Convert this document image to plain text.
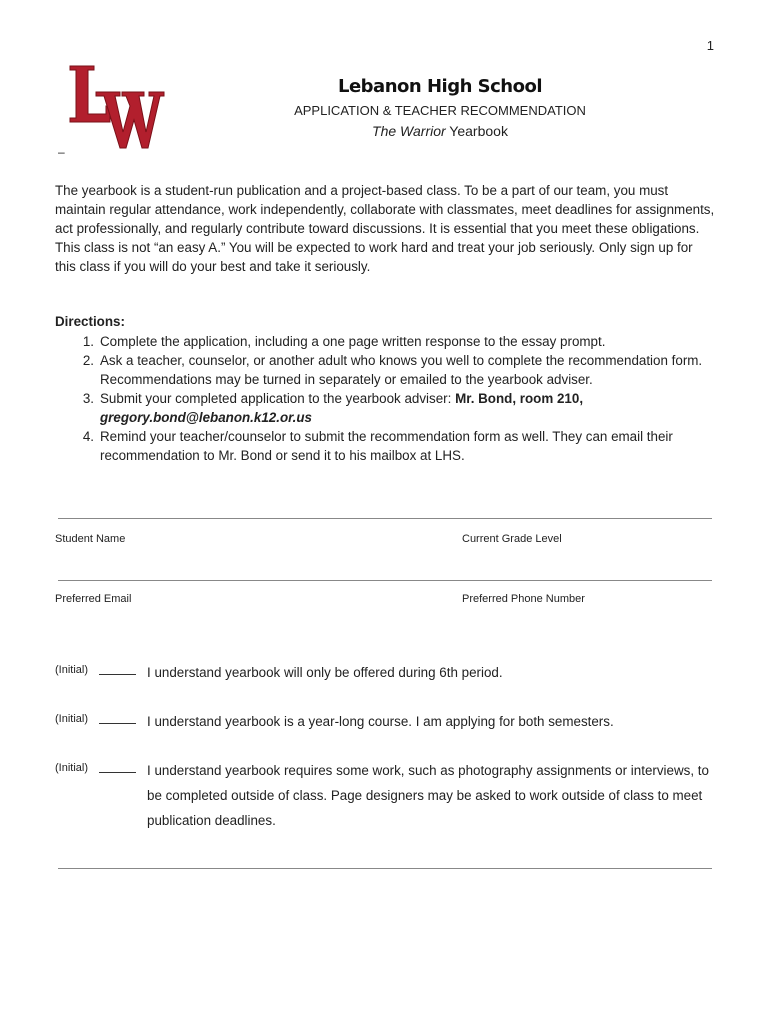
1
LW
Lebanon High School
APPLICATION & TEACHER RECOMMENDATION
The Warrior Yearbook
–
The yearbook is a student-run publication and a project-based class. To be a part of our team, you must maintain regular attendance, work independently, collaborate with classmates, meet deadlines for assignments, act professionally, and regularly contribute toward discussions. It is essential that you meet these obligations. This class is not “an easy A.” You will be expected to work hard and treat your job seriously. Only sign up for this class if you will do your best and take it seriously.
Directions:
1. Complete the application, including a one page written response to the essay prompt.
2. Ask a teacher, counselor, or another adult who knows you well to complete the recommendation form. Recommendations may be turned in separately or emailed to the yearbook adviser.
3. Submit your completed application to the yearbook adviser: Mr. Bond, room 210,
gregory.bond@lebanon.k12.or.us
4. Remind your teacher/counselor to submit the recommendation form as well. They can email their recommendation to Mr. Bond or send it to his mailbox at LHS.
Student Name	Current Grade Level
Preferred Email	Preferred Phone Number
(Initial)	I understand yearbook will only be offered during 6th period.
(Initial)	I understand yearbook is a year-long course. I am applying for both semesters.
(Initial)	I understand yearbook requires some work, such as photography assignments or interviews, to be completed outside of class. Page designers may be asked to work outside of class to meet publication deadlines.
